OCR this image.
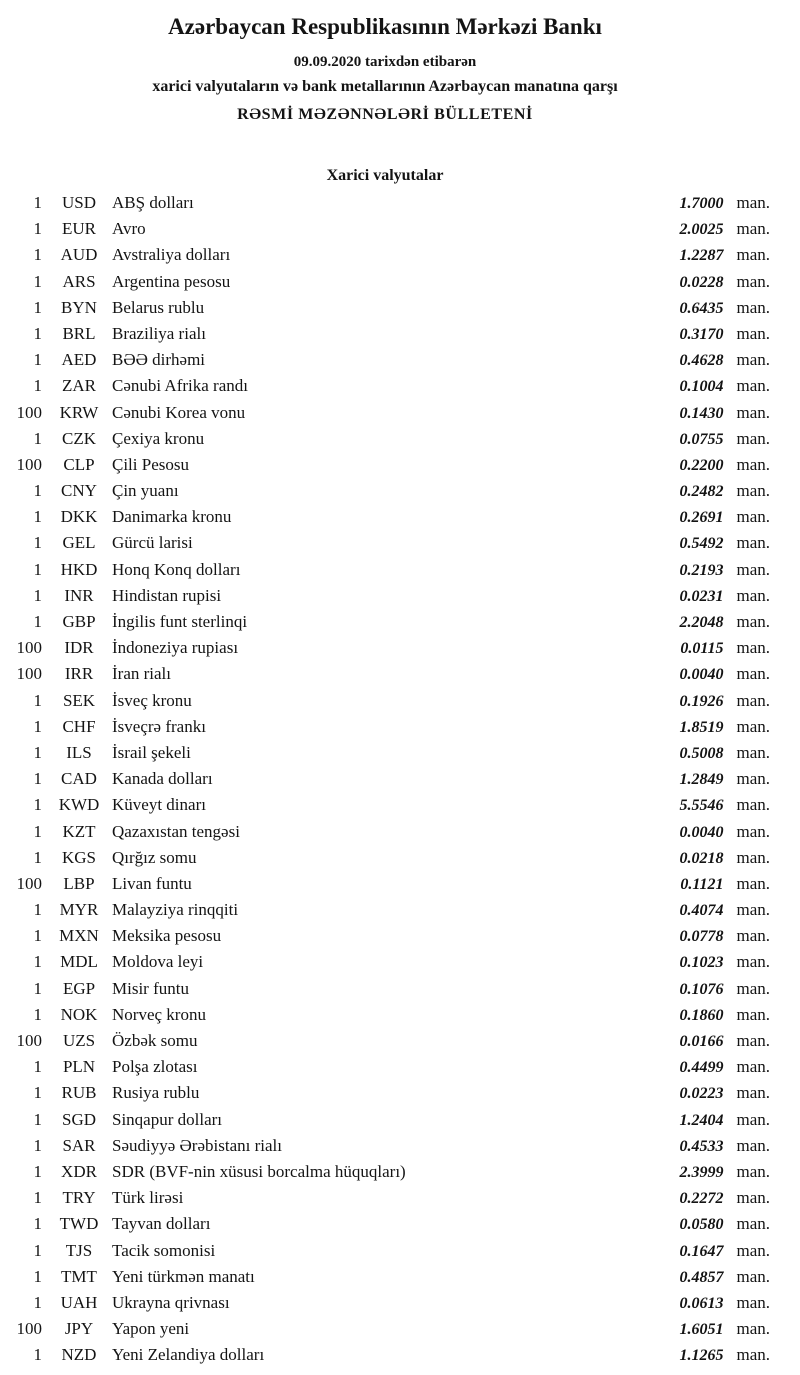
Azərbaycan Respublikasının Mərkəzi Bankı
09.09.2020 tarixdən etibarən
xarici valyutaların və bank metallarının Azərbaycan manatına qarşı
RƏSMİ MƏZƏNNƏLƏRİ BÜLLETENİ
Xarici valyutalar
1	USD ABŞ dolları	1.7000 man.
1	EUR Avro	2.0025 man.
1	AUD Avstraliya dolları	1.2287 man.
1	ARS Argentina pesosu	0.0228 man.
1	BYN Belarus rublu	0.6435 man.
1	BRL Braziliya rialı	0.3170 man.
1	AED BƏƏ dirhəmi	0.4628 man.
1	ZAR Cənubi Afrika randı	0.1004 man.
100	KRW Cənubi Korea vonu	0.1430 man.
1	CZK Çexiya kronu	0.0755 man.
100	CLP	Çili Pesosu	0.2200 man.
1	CNY Çin yuanı	0.2482 man.
1	DKK Danimarka kronu	0.2691 man.
1	GEL Gürcü larisi	0.5492 man.
1	HKD Honq Konq dolları	0.2193 man.
1	INR	Hindistan rupisi	0.0231 man.
1	GBP İngilis funt sterlinqi	2.2048 man.
100	IDR	İndoneziya rupiası	0.0115 man.
100	IRR	İran rialı	0.0040 man.
1	SEK İsveç kronu	0.1926 man.
1	CHF İsveçrə frankı	1.8519 man.
1	ILS	İsrail şekeli	0.5008 man.
1	CAD Kanada dolları	1.2849 man.
1 KWD Küveyt dinarı	5.5546 man.
1	KZT Qazaxıstan tengəsi	0.0040 man.
1	KGS Qırğız somu	0.0218 man.
100	LBP	Livan funtu	0.1121 man.
1	MYR Malayziya rinqqiti	0.4074 man.
1	MXN Meksika pesosu	0.0778 man.
1	MDL Moldova leyi	0.1023 man.
1	EGP Misir funtu	0.1076 man.
1	NOK Norveç kronu	0.1860 man.
100	UZS Özbək somu	0.0166 man.
1	PLN Polşa zlotası	0.4499 man.
1	RUB Rusiya rublu	0.0223 man.
1	SGD Sinqapur dolları	1.2404 man.
1	SAR Səudiyyə Ərəbistanı rialı	0.4533 man.
1	XDR SDR (BVF-nin xüsusi borcalma hüquqları)	2.3999 man.
1	TRY Türk lirəsi	0.2272 man.
1	TWD Tayvan dolları	0.0580 man.
1	TJS	Tacik somonisi	0.1647 man.
1	TMT Yeni türkmən manatı	0.4857 man.
1	UAH Ukrayna qrivnası	0.0613 man.
100	JPY	Yapon yeni	1.6051 man.
1	NZD Yeni Zelandiya dolları	1.1265 man.
